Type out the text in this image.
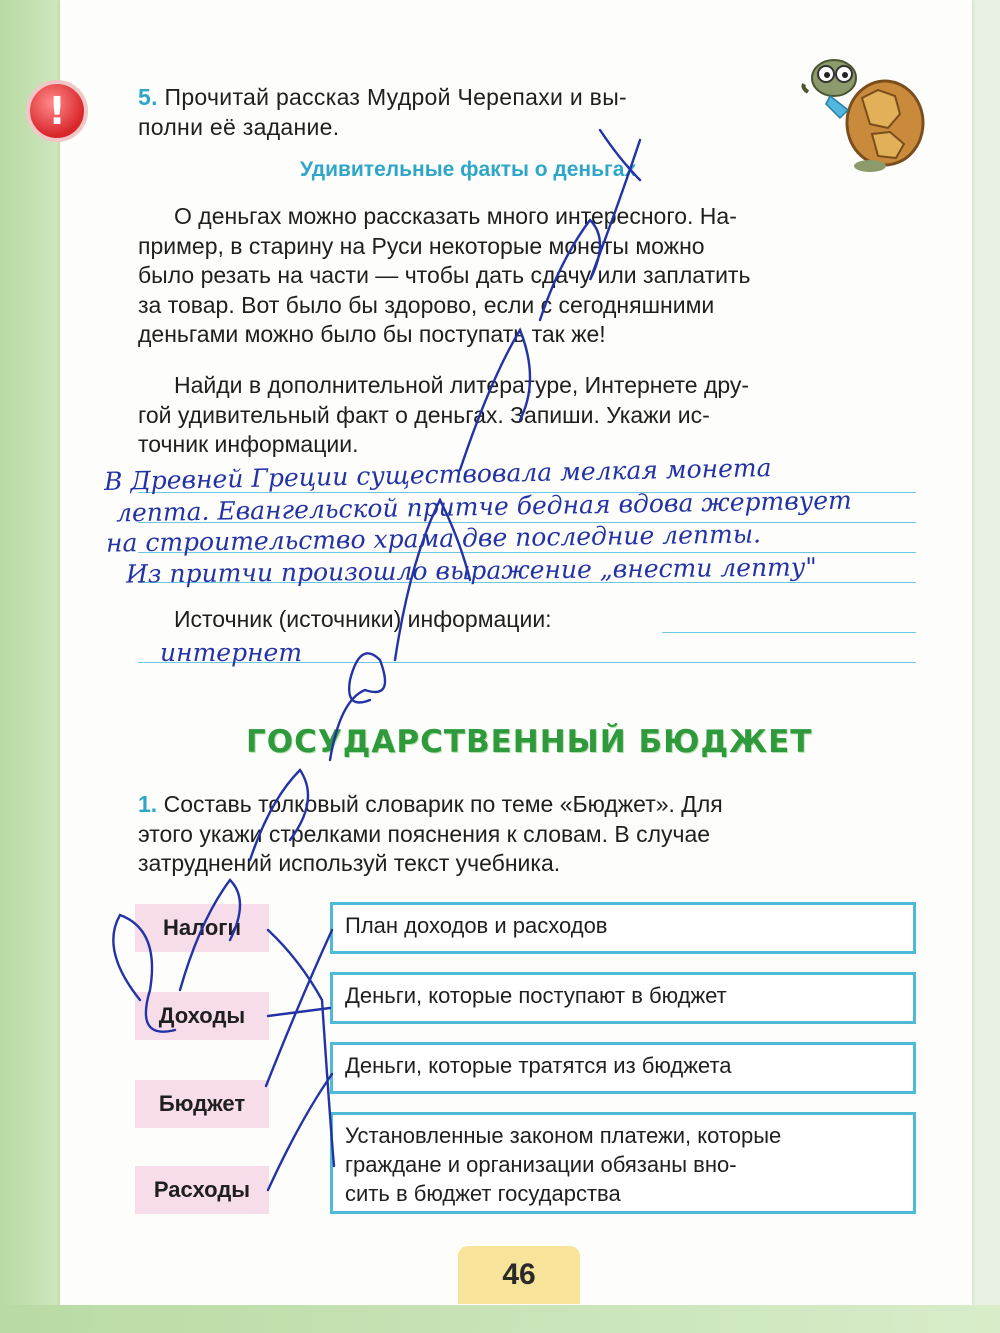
!	5. Прочитай рассказ Мудрой Черепахи и вы-
полни её задание.
Удивительные факты о деньгах
О деньгах можно рассказать много интересного. На-
пример, в старину на Руси некоторые монеты можно
было резать на части — чтобы дать сдачу или заплатить
за товар. Вот было бы здорово, если с сегодняшними
деньгами можно было бы поступать так же!
Найди в дополнительной литературе, Интернете дру-
гой удивительный факт о деньгах. Запиши. Укажи ис-
точник информации.
В Древней Греции существовала мелкая монета
лепта. Евангельской притче бедная вдова жертвует
на строительство храма две последние лепты.
Из притчи произошло выражение „внести лепту"
Источник (источники) информации:
интернет
ГОСУДАРСТВЕННЫЙ БЮДЖЕТ
1. Составь толковый словарик по теме «Бюджет». Для
этого укажи стрелками пояснения к словам. В случае
затруднений используй текст учебника.
Налоги
Доходы
Бюджет
Расходы
План доходов и расходов
Деньги, которые поступают в бюджет
Деньги, которые тратятся из бюджета
Установленные законом платежи, которые
граждане и организации обязаны вно-
сить в бюджет государства
46
